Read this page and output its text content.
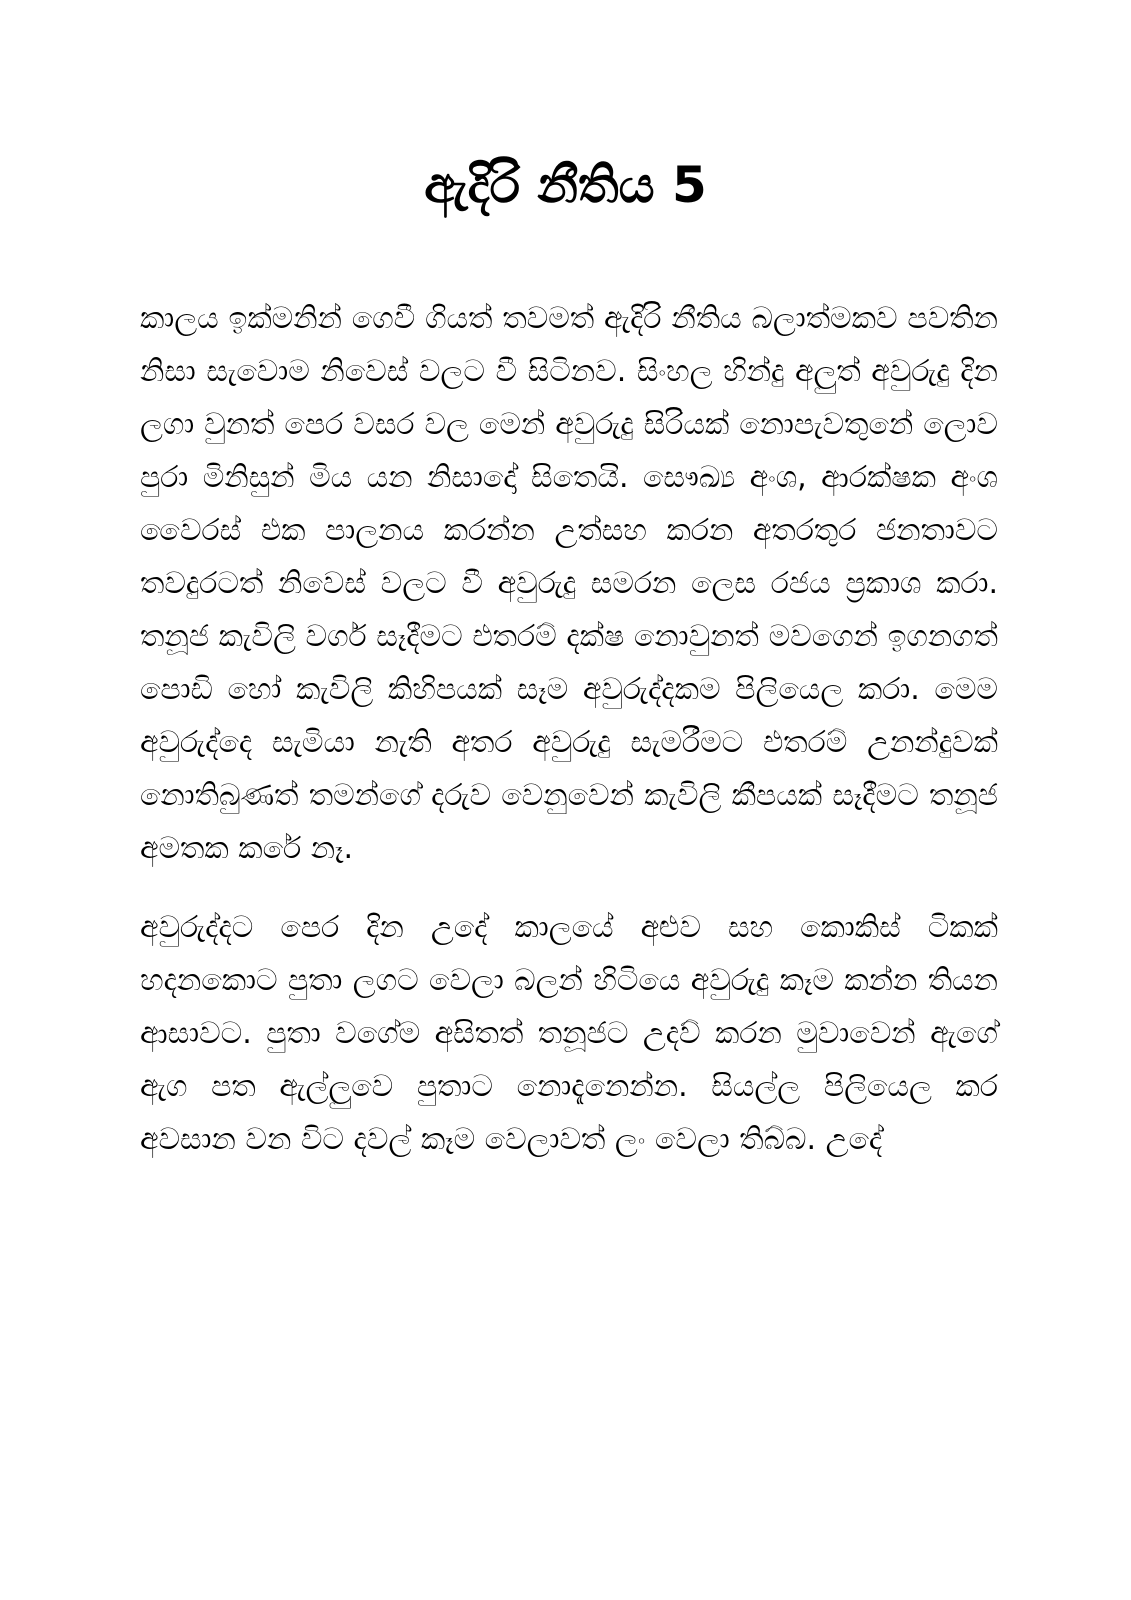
ඇදිරි නීතිය 5

කාලය ඉක්මනින් ගෙවී ගියත් තවමත් ඇදිරි නීතිය බලාත්මකව පවතින නිසා සැවොම නිවෙස් වලට වී සිටිනව. සිංහල හින්දු අලුත් අවුරුදු දින ලගා වුනත් පෙර වසර වල මෙන් අවුරුදු සිරියක් නොපැවතුනේ ලොව පුරා මිනිසුන් මිය යන නිසාදෝ සිතෙයි. සෞඛ්‍ය අංශ, ආරක්ෂක අංශ වෛරස් එක පාලනය කරන්න උත්සහ කරන අතරතුර ජනතාවට තවදුරටත් නිවෙස් වලට වී අවුරුදු සමරන ලෙස රජය ප්‍රකාශ කරා. තනූජ කැවිලි වර්ග සෑදීමට එතරම් දක්ෂ නොවුනත් මවගෙන් ඉගනගත් පොඩි හෝ කැවිලි කිහිපයක් සෑම අවුරුද්දකම පිලියෙල කරා. මෙම අවුරුද්දෙ සැමියා නැති අතර අවුරුදු සැමරීමට එතරම් උනන්දුවක් නොතිබුණත් තමන්ගේ දරුව වෙනුවෙන් කැවිලි කීපයක් සෑදීමට තනූජ අමතක කරේ නෑ.

අවුරුද්දට පෙර දින උදේ කාලයේ අළුව සහ කොකිස් ටිකක් හදනකොට පුතා ලගට වෙලා බලන් හිටියෙ අවුරුදු කෑම කන්න තියන ආසාවට. පුතා වගේම අසිතත් තනූජට උදව් කරන මුවාවෙන් ඇගේ ඇග පත ඇල්ලුවෙ පුතාට නොදැනෙන්න. සියල්ල පිලියෙල කර අවසාන වන විට දවල් කෑම වෙලාවත් ලං වෙලා තිබ්බ. උදේ
